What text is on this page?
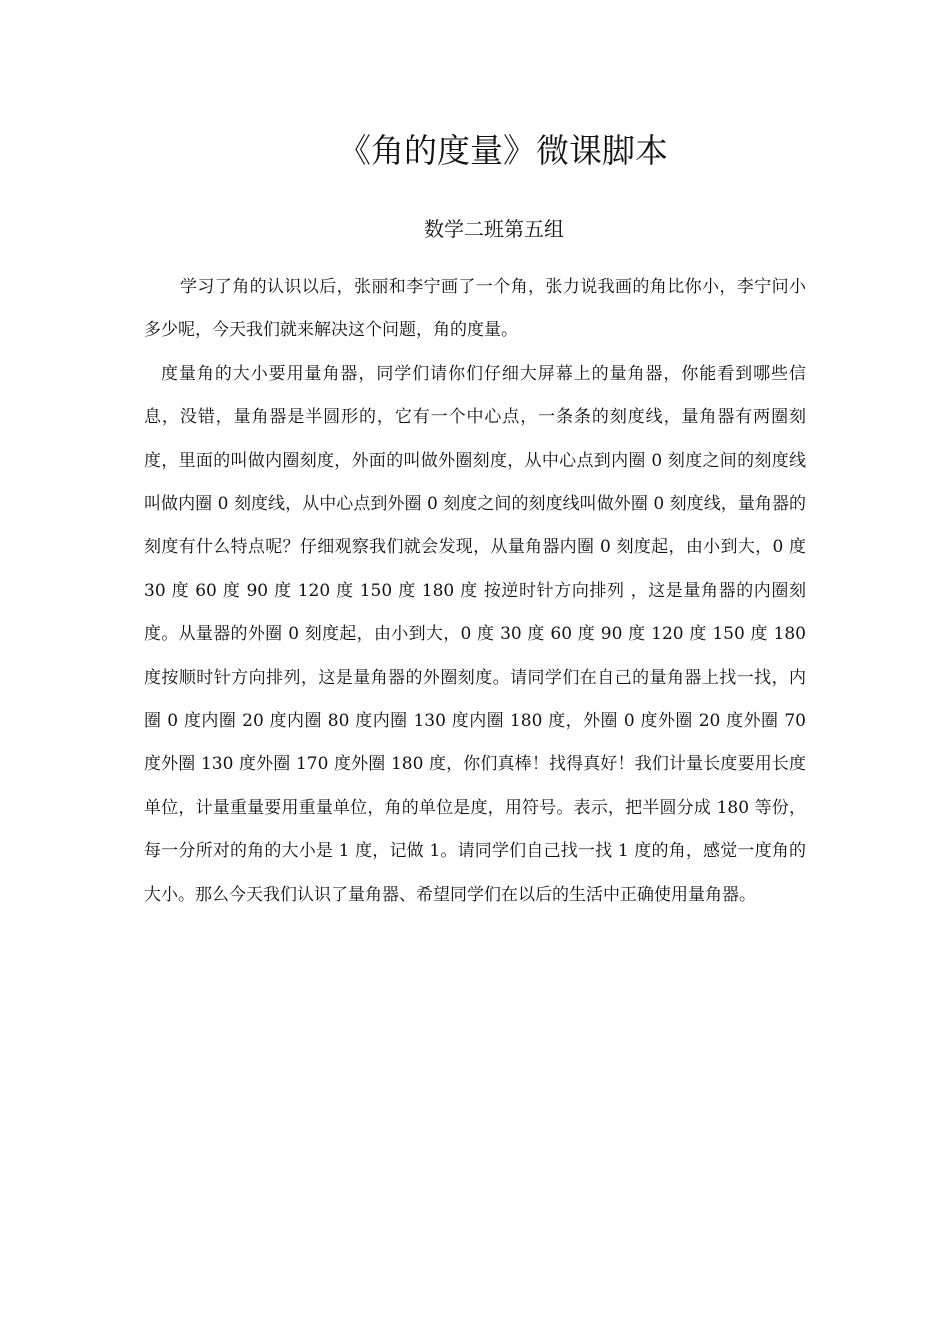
《角的度量》微课脚本
数学二班第五组

学习了角的认识以后，张丽和李宁画了一个角，张力说我画的角比你小，李宁问小多少呢，今天我们就来解决这个问题，角的度量。

度量角的大小要用量角器，同学们请你们仔细大屏幕上的量角器，你能看到哪些信息，没错，量角器是半圆形的，它有一个中心点，一条条的刻度线，量角器有两圈刻度，里面的叫做内圈刻度，外面的叫做外圈刻度，从中心点到内圈 0 刻度之间的刻度线叫做内圈 0 刻度线，从中心点到外圈 0 刻度之间的刻度线叫做外圈 0 刻度线，量角器的刻度有什么特点呢？仔细观察我们就会发现，从量角器内圈 0 刻度起，由小到大，0 度 30 度 60 度 90 度 120 度 150 度 180 度 按逆时针方向排列 ，这是量角器的内圈刻度。从量器的外圈 0 刻度起，由小到大，0 度 30 度 60 度 90 度 120 度 150 度 180 度按顺时针方向排列，这是量角器的外圈刻度。请同学们在自己的量角器上找一找，内圈 0 度内圈 20 度内圈 80 度内圈 130 度内圈 180 度，外圈 0 度外圈 20 度外圈 70 度外圈 130 度外圈 170 度外圈 180 度，你们真棒！找得真好！我们计量长度要用长度单位，计量重量要用重量单位，角的单位是度，用符号。表示，把半圆分成 180 等份，每一分所对的角的大小是 1 度，记做 1。请同学们自己找一找 1 度的角，感觉一度角的大小。那么今天我们认识了量角器、希望同学们在以后的生活中正确使用量角器。
